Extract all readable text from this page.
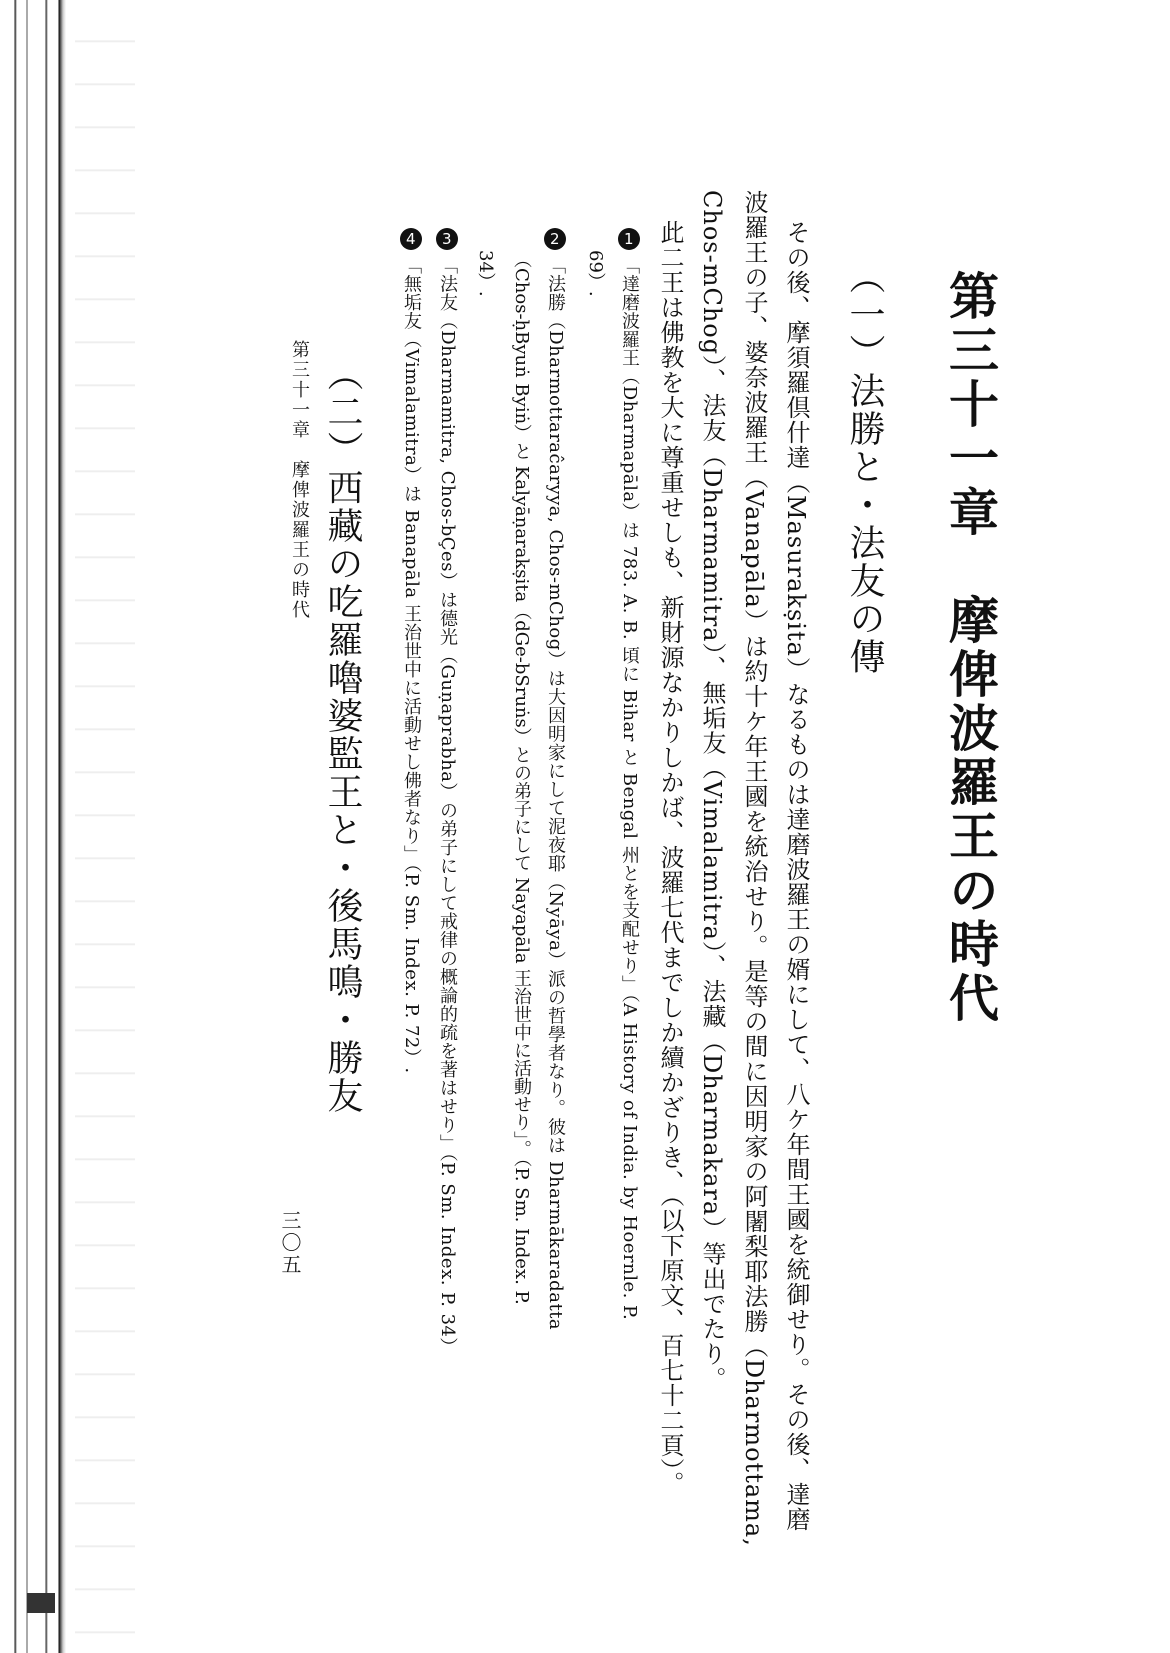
第三十一章　摩俾波羅王の時代
（一）法勝と・法友の傳
その後、摩須羅倶什達（Masurakṣita）なるものは達磨波羅王の婿にして、八ケ年間王國を統御せり。その後、達磨
波羅王の子、婆奈波羅王（Vanapāla）は約十ケ年王國を統治せり。是等の間に因明家の阿闍梨耶法勝（Dharmottama,
Chos-mChog）、法友（Dharmamitra）、無垢友（Vimalamitra）、法藏（Dharmakara）等出でたり。
此二王は佛教を大に尊重せしも、新財源なかりしかば、波羅七代までしか續かざりき、（以下原文、百七十二頁）。
1 「達磨波羅王（Dharmapāla）は 783. A. B. 頃に Bihar と Bengal 州とを支配せり」（A History of India. by Hoernle. P.
69）.
2 「法勝（Dharmottaraĉaryya, Chos-mChog）は大因明家にして泥夜耶（Nyāya）派の哲學者なり。彼は Dharmākaradatta
（Chos-ḥByuṅ Byiṅ）と Kalyāṇarakṣita（dGe-bSruṅs）との弟子にして Nayapāla 王治世中に活動せり」。（P. Sm. Index. P.
34）.
3 「法友（Dharmamitra, Chos-bÇes）は德光（Guṇaprabha）の弟子にして戒律の概論的疏を著はせり」（P. Sm. Index. P. 34）
4 「無垢友（Vimalamitra）は Banapāla 王治世中に活動せし佛者なり」（P. Sm. Index. P. 72）.
（二）西藏の吃羅嚕婆監王と・後馬鳴・勝友
第三十一章　摩俾波羅王の時代
三〇五
